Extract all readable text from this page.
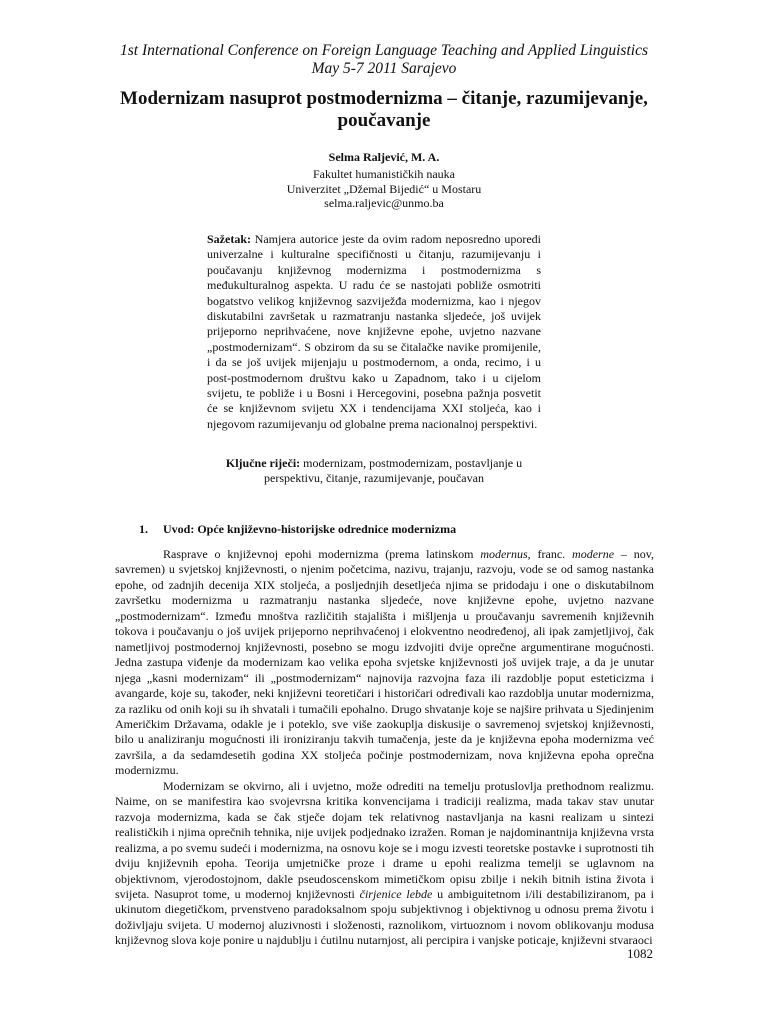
1st International Conference on Foreign Language Teaching and Applied Linguistics
May 5-7 2011 Sarajevo
Modernizam nasuprot postmodernizma – čitanje, razumijevanje, poučavanje
Selma Raljević, M. A.
Fakultet humanističkih nauka
Univerzitet „Džemal Bijedić“ u Mostaru
selma.raljevic@unmo.ba
Sažetak: Namjera autorice jeste da ovim radom neposredno uporedi univerzalne i kulturalne specifičnosti u čitanju, razumijevanju i poučavanju književnog modernizma i postmodernizma s međukulturalnog aspekta. U radu će se nastojati pobliže osmotriti bogatstvo velikog književnog sazviježđa modernizma, kao i njegov diskutabilni završetak u razmatranju nastanka sljedeće, još uvijek prijeporno neprihvaćene, nove književne epohe, uvjetno nazvane „postmodernizam“. S obzirom da su se čitalačke navike promijenile, i da se još uvijek mijenjaju u postmodernom, a onda, recimo, i u post-postmodernom društvu kako u Zapadnom, tako i u cijelom svijetu, te pobliže i u Bosni i Hercegovini, posebna pažnja posvetit će se književnom svijetu XX i tendencijama XXI stoljeća, kao i njegovom razumijevanju od globalne prema nacionalnoj perspektivi.
Ključne riječi: modernizam, postmodernizam, postavljanje u perspektivu, čitanje, razumijevanje, poučavan
1. Uvod: Opće književno-historijske odrednice modernizma

Rasprave o književnoj epohi modernizma (prema latinskom modernus, franc. moderne – nov, savremen) u svjetskoj književnosti, o njenim početcima, nazivu, trajanju, razvoju, vode se od samog nastanka epohe, od zadnjih decenija XIX stoljeća, a posljednjih desetljeća njima se pridodaju i one o diskutabilnom završetku modernizma u razmatranju nastanka sljedeće, nove književne epohe, uvjetno nazvane „postmodernizam“. Između mnoštva različitih stajališta i mišljenja u proučavanju savremenih književnih tokova i poučavanju o još uvijek prijeporno neprihvaćenoj i elokventno neodređenoj, ali ipak zamjetljivoj, čak nametljivoj postmodernoj književnosti, posebno se mogu izdvojiti dvije oprečne argumentirane mogućnosti. Jedna zastupa viđenje da modernizam kao velika epoha svjetske književnosti još uvijek traje, a da je unutar njega „kasni modernizam“ ili „postmodernizam“ najnovija razvojna faza ili razdoblje poput esteticizma i avangarde, koje su, također, neki književni teoretičari i historičari određivali kao razdoblja unutar modernizma, za razliku od onih koji su ih shvatali i tumačili epohalno. Drugo shvatanje koje se najšire prihvata u Sjedinjenim Američkim Državama, odakle je i poteklo, sve više zaokuplja diskusije o savremenoj svjetskoj književnosti, bilo u analiziranju mogućnosti ili ironiziranju takvih tumačenja, jeste da je književna epoha modernizma već završila, a da sedamdesetih godina XX stoljeća počinje postmodernizam, nova književna epoha oprečna modernizmu.

Modernizam se okvirno, ali i uvjetno, može odrediti na temelju protuslovlja prethodnom realizmu. Naime, on se manifestira kao svojevrsna kritika konvencijama i tradiciji realizma, mada takav stav unutar razvoja modernizma, kada se čak stječe dojam tek relativnog nastavljanja na kasni realizam u sintezi realističkih i njima oprečnih tehnika, nije uvijek podjednako izražen. Roman je najdominantnija književna vrsta realizma, a po svemu sudeći i modernizma, na osnovu koje se i mogu izvesti teoretske postavke i suprotnosti tih dviju književnih epoha. Teorija umjetničke proze i drame u epohi realizma temelji se uglavnom na objektivnom, vjerodostojnom, dakle pseudoscenskom mimetičkom opisu zbilje i nekih bitnih istina života i svijeta. Nasuprot tome, u modernoj književnosti čirjenice lebde u ambiguitetnom i/ili destabiliziranom, pa i ukinutom diegetičkom, prvenstveno paradoksalnom spoju subjektivnog i objektivnog u odnosu prema životu i doživljaju svijeta. U modernoj aluzivnosti i složenosti, raznolikom, virtuoznom i novom oblikovanju modusa književnog slova koje ponire u najdublju i ćutilnu nutarnjost, ali percipira i vanjske poticaje, književni stvaraoci

1082
